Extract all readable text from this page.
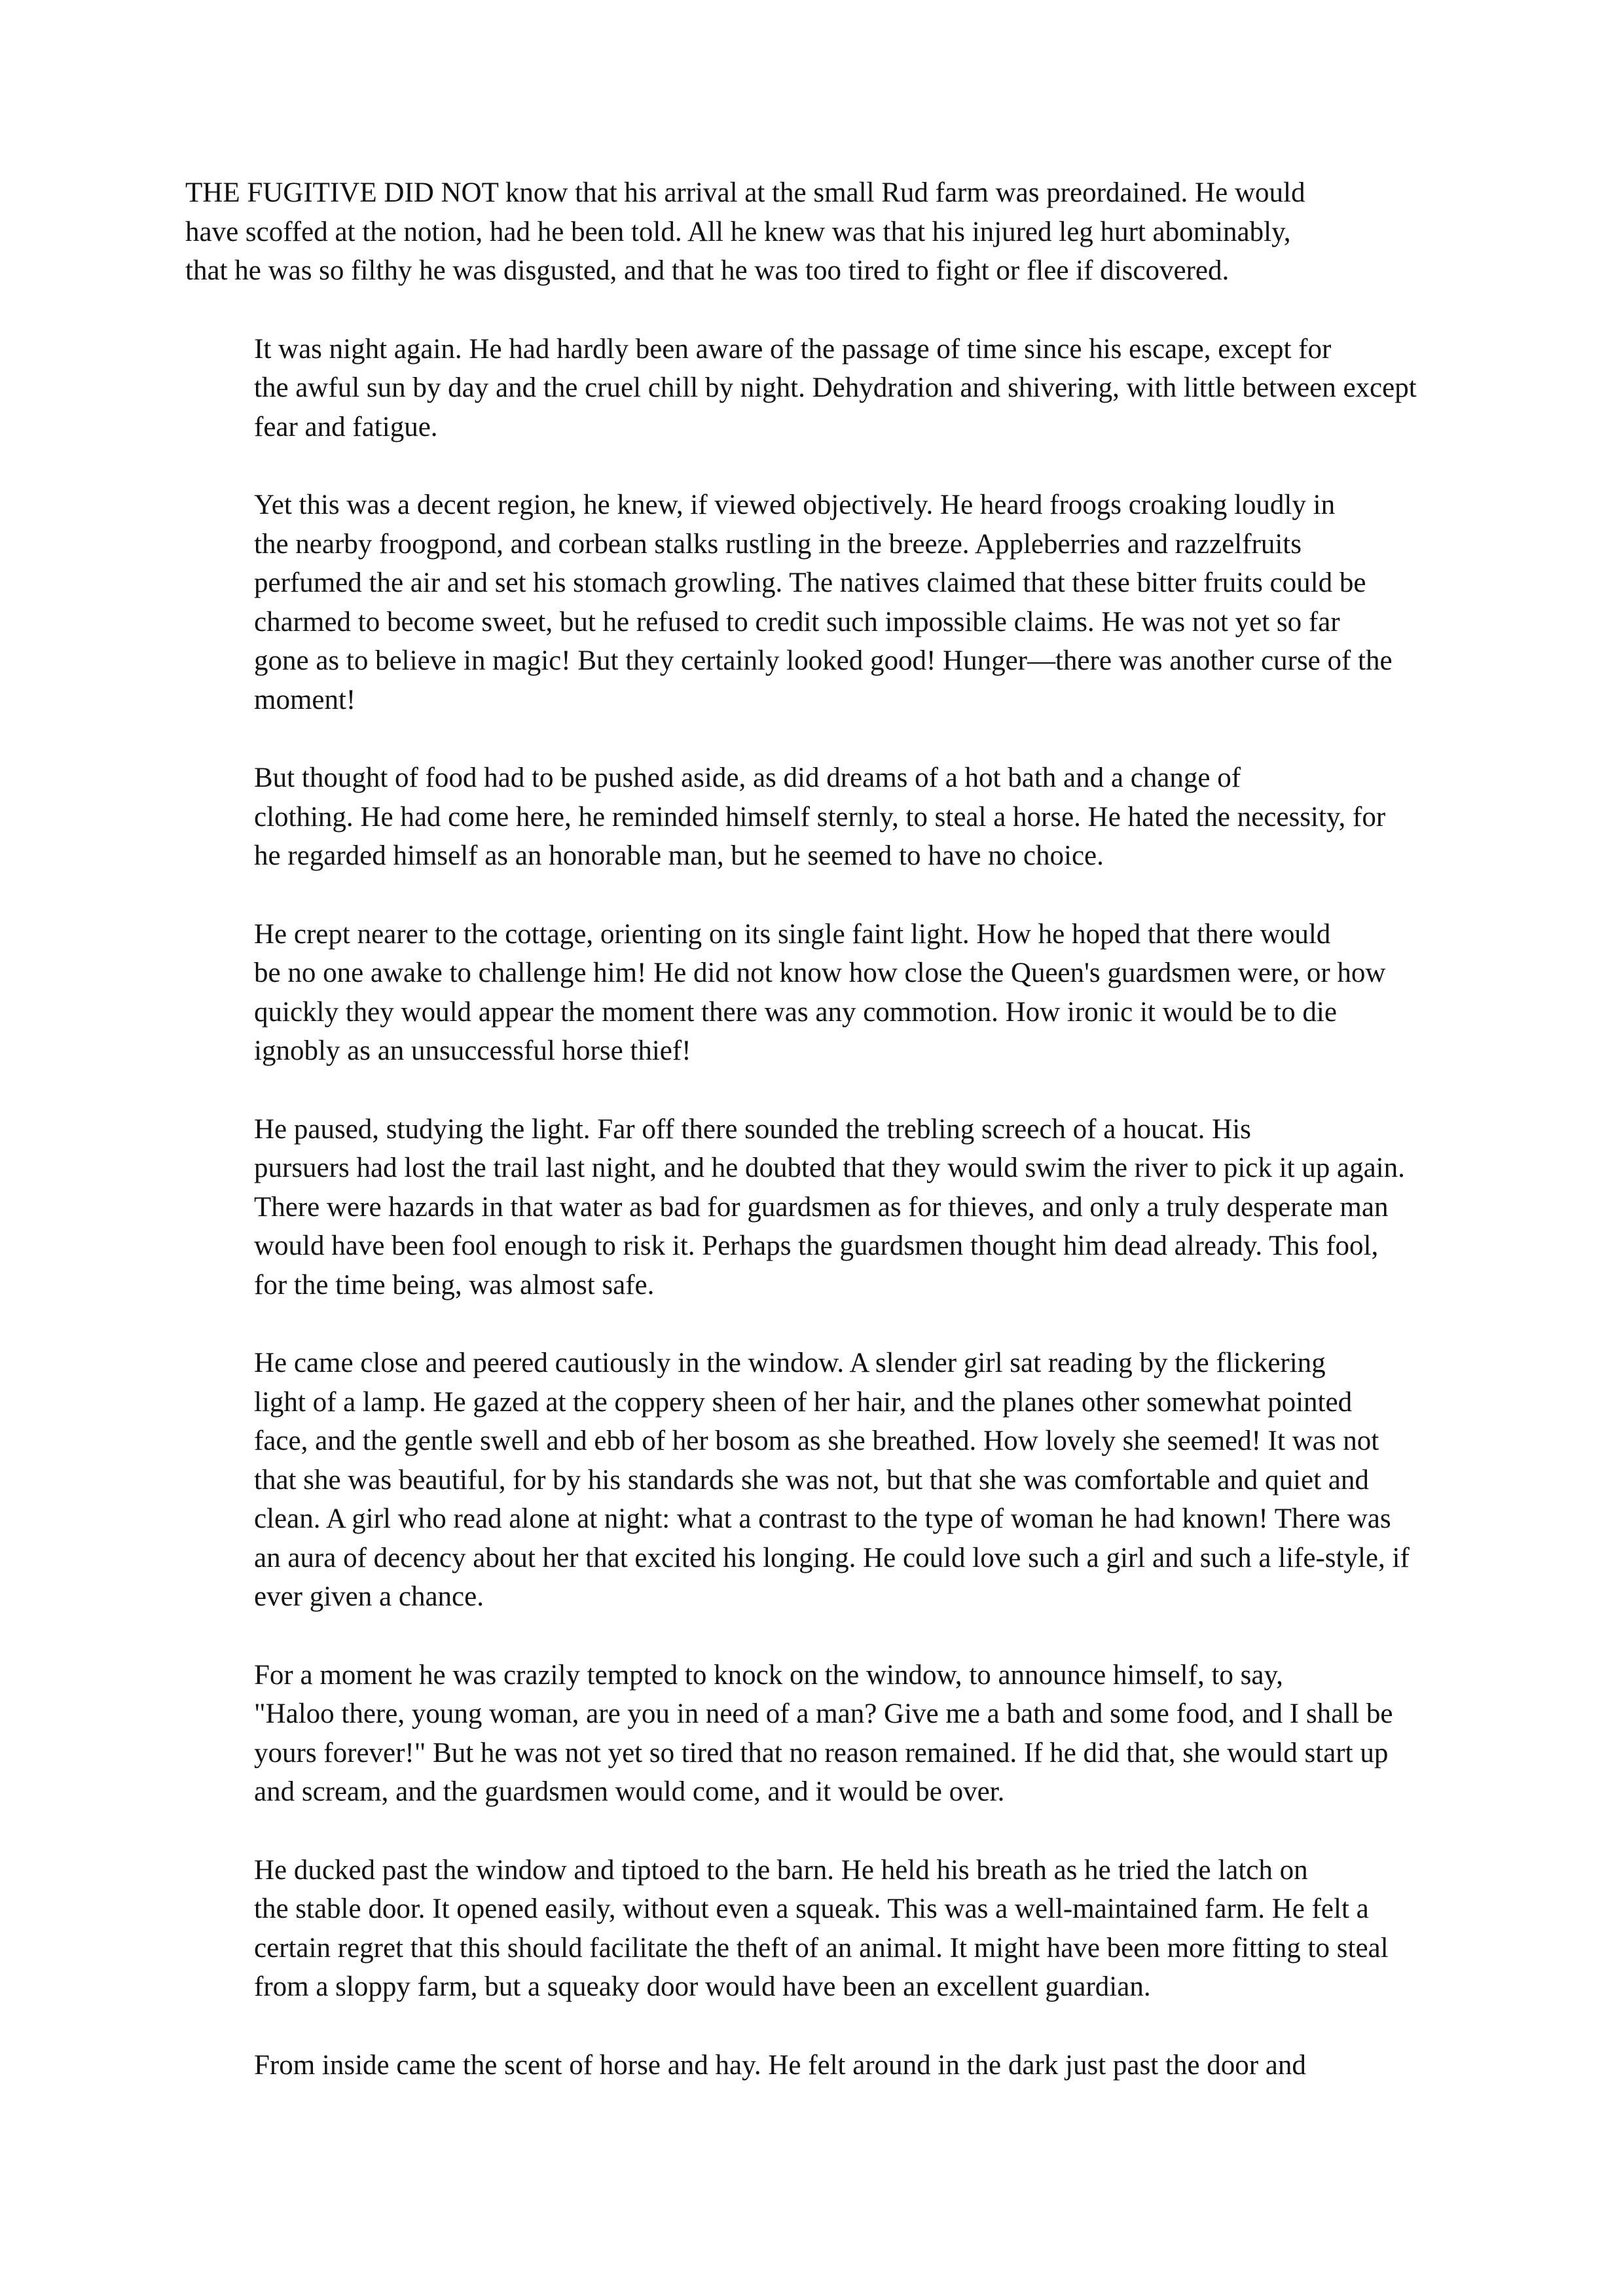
THE FUGITIVE DID NOT know that his arrival at the small Rud farm was preordained. He would
have scoffed at the notion, had he been told. All he knew was that his injured leg hurt abominably,
that he was so filthy he was disgusted, and that he was too tired to fight or flee if discovered.

It was night again. He had hardly been aware of the passage of time since his escape, except for
the awful sun by day and the cruel chill by night. Dehydration and shivering, with little between except
fear and fatigue.

Yet this was a decent region, he knew, if viewed objectively. He heard froogs croaking loudly in
the nearby froogpond, and corbean stalks rustling in the breeze. Appleberries and razzelfruits
perfumed the air and set his stomach growling. The natives claimed that these bitter fruits could be
charmed to become sweet, but he refused to credit such impossible claims. He was not yet so far
gone as to believe in magic! But they certainly looked good! Hunger—there was another curse of the
moment!

But thought of food had to be pushed aside, as did dreams of a hot bath and a change of
clothing. He had come here, he reminded himself sternly, to steal a horse. He hated the necessity, for
he regarded himself as an honorable man, but he seemed to have no choice.

He crept nearer to the cottage, orienting on its single faint light. How he hoped that there would
be no one awake to challenge him! He did not know how close the Queen's guardsmen were, or how
quickly they would appear the moment there was any commotion. How ironic it would be to die
ignobly as an unsuccessful horse thief!

He paused, studying the light. Far off there sounded the trebling screech of a houcat. His
pursuers had lost the trail last night, and he doubted that they would swim the river to pick it up again.
There were hazards in that water as bad for guardsmen as for thieves, and only a truly desperate man
would have been fool enough to risk it. Perhaps the guardsmen thought him dead already. This fool,
for the time being, was almost safe.

He came close and peered cautiously in the window. A slender girl sat reading by the flickering
light of a lamp. He gazed at the coppery sheen of her hair, and the planes other somewhat pointed
face, and the gentle swell and ebb of her bosom as she breathed. How lovely she seemed! It was not
that she was beautiful, for by his standards she was not, but that she was comfortable and quiet and
clean. A girl who read alone at night: what a contrast to the type of woman he had known! There was
an aura of decency about her that excited his longing. He could love such a girl and such a life-style, if
ever given a chance.

For a moment he was crazily tempted to knock on the window, to announce himself, to say,
"Haloo there, young woman, are you in need of a man? Give me a bath and some food, and I shall be
yours forever!" But he was not yet so tired that no reason remained. If he did that, she would start up
and scream, and the guardsmen would come, and it would be over.

He ducked past the window and tiptoed to the barn. He held his breath as he tried the latch on
the stable door. It opened easily, without even a squeak. This was a well-maintained farm. He felt a
certain regret that this should facilitate the theft of an animal. It might have been more fitting to steal
from a sloppy farm, but a squeaky door would have been an excellent guardian.

From inside came the scent of horse and hay. He felt around in the dark just past the door and
